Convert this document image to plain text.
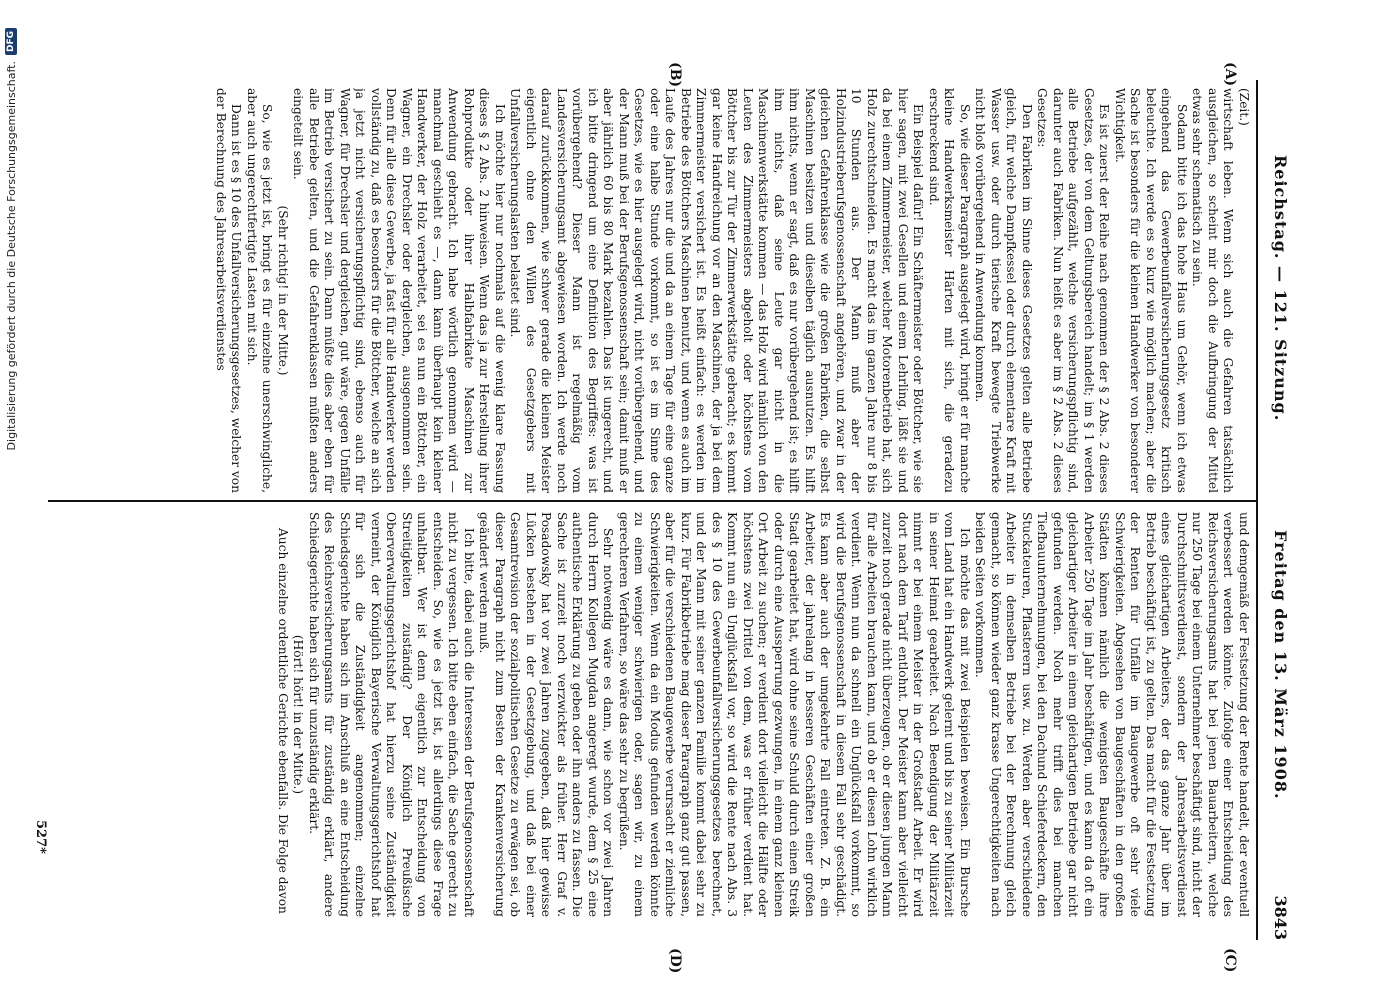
Reichstag. — 121. Sitzung.
Freitag den 13. März 1908.
3843
(A)
(B)
(C)
(D)

(Zeit.)

wirtschaft leben. Wenn sich auch die Gefahren tatsächlich ausgleichen, so scheint mir doch die Aufbringung der Mittel etwas sehr schematisch zu sein.

Sodann bitte ich das hohe Haus um Gehör, wenn ich etwas eingehend das Gewerbeunfallversicherungsgesetz kritisch beleuchte. Ich werde es so kurz wie möglich machen; aber die Sache ist besonders für die kleinen Handwerker von besonderer Wichtigkeit.

Es ist zuerst der Reihe nach genommen der § 2 Abs. 2 dieses Gesetzes, der von dem Geltungsbereich handelt; im § 1 werden alle Betriebe aufgezählt, welche versicherungspflichtig sind, darunter auch Fabriken. Nun heißt es aber im § 2 Abs. 2 dieses Gesetzes:

Den Fabriken im Sinne dieses Gesetzes gelten alle Betriebe gleich, für welche Dampfkessel oder durch elementare Kraft mit Wasser usw. oder durch tierische Kraft bewegte Triebwerke nicht bloß vorübergehend in Anwendung kommen.

So, wie dieser Paragraph ausgelegt wird, bringt er für manche kleine Handwerksmeister Härten mit sich, die geradezu erschreckend sind.

Ein Beispiel dafür! Ein Schäftermeister oder Böttcher, wie sie hier sagen, mit zwei Gesellen und einem Lehrling, läßt sie und da bei einem Zimmermeister, welcher Motorenbetrieb hat, sich Holz zurechtschneiden. Es macht das im ganzen Jahre nur 8 bis 10 Stunden aus. Der Mann muß aber der Holzindustrieberufsgenossenschaft angehören, und zwar in der gleichen Gefahrenklasse wie die großen Fabriken, die selbst Maschinen besitzen und dieselben täglich ausnutzen. Es hilft ihm nichts, wenn er sagt, daß es nur vorübergehend ist; es hilft ihm nichts, daß seine Leute gar nicht in die Maschinenwerkstätte kommen — das Holz wird nämlich von den Leuten des Zimmermeisters abgeholt oder höchstens vom Böttcher bis zur Tür der Zimmerwerkstätte gebracht; es kommt gar keine Handreichung vor an den Maschinen, der ja bei dem Zimmermeister versichert ist. Es heißt einfach: es werden im Betriebe des Böttchers Maschinen benutzt, und wenn es auch im Laufe des Jahres nur die und da an einem Tage für eine ganze oder eine halbe Stunde vorkommt, so ist es im Sinne des Gesetzes, wie es hier ausgelegt wird, nicht vorübergehend, und der Mann muß bei der Berufsgenossenschaft sein; damit muß er aber jährlich 60 bis 80 Mark bezahlen. Das ist ungerecht, und ich bitte dringend um eine Definition des Begriffes: was ist vorübergehend? Dieser Mann ist regelmäßig vom Landesversicherungsamt abgewiesen worden. Ich werde noch darauf zurückkommen, wie schwer gerade die kleinen Meister eigentlich ohne den Willen des Gesetzgebers mit Unfallversicherungslasten belastet sind.

Ich möchte hier nur nochmals auf die wenig klare Fassung dieses § 2 Abs. 2 hinweisen. Wenn das ja zur Herstellung ihrer Rohprodukte oder ihrer Halbfabrikate Maschinen zur Anwendung gebracht. Ich habe wörtlich genommen wird — manchmal geschieht es —, dann kann überhaupt kein kleiner Handwerker, der Holz verarbeitet, sei es nun ein Böttcher, ein Wagner, ein Drechsler oder dergleichen, ausgenommen sein. Denn für alle diese Gewerbe, ja fast für alle Handwerker werden vollständig zu, daß es besonders für die Böttcher, welche an sich ja jetzt nicht versicherungspflichtig sind, ebenso auch für Wagner, für Drechsler und dergleichen, gut wäre, gegen Unfälle im Betrieb versichert zu sein. Dann müßte dies aber eben für alle Betriebe gelten, und die Gefahrenklassen müßten anders eingeteilt sein.

(Sehr richtig! in der Mitte.)

So, wie es jetzt ist, bringt es für einzelne unerschwingliche, aber auch ungerechtfertigte Lasten mit sich.

Dann ist es § 10 des Unfallversicherungsgesetzes, welcher von der Berechnung des Jahresarbeitsverdienstes

und demgemäß der Festsetzung der Rente handelt, der eventuell verbessert werden könnte. Zufolge einer Entscheidung des Reichsversicherungsamts hat bei jenen Bauarbeitern, welche nur 250 Tage bei einem Unternehmer beschäftigt sind, nicht der Durchschnittsverdienst, sondern der Jahresarbeitsverdienst eines gleichartigen Arbeiters, der das ganze Jahr über im Betrieb beschäftigt ist, zu gelten. Das macht für die Festsetzung der Renten für Unfälle im Baugewerbe oft sehr viele Schwierigkeiten. Abgesehen von Baugeschäften in den großen Städten können nämlich die wenigsten Baugeschäfte ihre Arbeiter 250 Tage im Jahr beschäftigen, und es kann da oft ein gleichartiger Arbeiter in einem gleichartigen Betriebe gar nicht gefunden werden. Noch mehr trifft dies bei manchen Tiefbauunternehmungen, bei den Dachund Schieferdeckern, den Stuckateuren, Pflasterern usw. zu. Werden aber verschiedene Arbeiter in demselben Betriebe bei der Berechnung gleich gemacht, so können wieder ganz krasse Ungerechtigkeiten nach beiden Seiten vorkommen.

Ich möchte das mit zwei Beispielen beweisen. Ein Bursche vom Land hat ein Handwerk gelernt und bis zu seiner Militärzeit in seiner Heimat gearbeitet. Nach Beendigung der Militärzeit nimmt er bei einem Meister in der Großstadt Arbeit. Er wird dort nach dem Tarif entlohnt. Der Meister kann aber vielleicht zurzeit noch gerade nicht überzeugen, ob er diesen jungen Mann für alle Arbeiten brauchen kann, und ob er diesen Lohn wirklich verdient. Wenn nun da schnell ein Unglücksfall vorkommt, so wird die Berufsgenossenschaft in diesem Fall sehr geschädigt. Es kann aber auch der umgekehrte Fall eintreten. Z. B. ein Arbeiter, der jahrelang in besseren Geschäften einer großen Stadt gearbeitet hat, wird ohne seine Schuld durch einen Streik oder durch eine Aussperrung gezwungen, in einem ganz kleinen Ort Arbeit zu suchen; er verdient dort vielleicht die Hälfte oder höchstens zwei Drittel von dem, was er früher verdient hat. Kommt nun ein Unglücksfall vor, so wird die Rente nach Abs. 3 des § 10 des Gewerbeunfallversicherungsgesetzes berechnet, und der Mann mit seiner ganzen Familie kommt dabei sehr zu kurz. Für Fabrikbetriebe mag dieser Paragraph ganz gut passen, aber für die verschiedenen Baugewerbe verursacht er ziemliche Schwierigkeiten. Wenn da ein Modus gefunden werden könnte zu einem weniger schwierigen oder, sagen wir, zu einem gerechteren Verfahren, so wäre das sehr zu begrüßen.

Sehr notwendig wäre es dann, wie schon vor zwei Jahren durch Herrn Kollegen Mugdan angeregt wurde, dem § 25 eine authentische Erklärung zu geben oder ihn anders zu fassen. Die Sache ist zurzeit noch verzwickter als früher. Herr Graf v. Posadowsky hat vor zwei Jahren zugegeben, daß hier gewisse Lücken bestehen in der Gesetzgebung, und daß bei einer Gesamtrevision der sozialpolitischen Gesetze zu erwägen sei, ob dieser Paragraph nicht zum Besten der Krankenversicherung geändert werden muß.

Ich bitte, dabei auch die Interessen der Berufsgenossenschaft nicht zu vergessen. Ich bitte eben einfach, die Sache gerecht zu entscheiden. So, wie es jetzt ist, ist allerdings diese Frage unhaltbar. Wer ist denn eigentlich zur Entscheidung von Streitigkeiten zuständig? Der Königlich Preußische Oberverwaltungsgerichtshof hat hierzu seine Zuständigkeit verneint, der Königlich Bayerische Verwaltungsgerichtshof hat für sich die Zuständigkeit angenommen; einzelne Schiedsgerichte haben sich im Anschluß an eine Entscheidung des Reichsversicherungsamts für zuständig erklärt, andere Schiedsgerichte haben sich für unzuständig erklärt.

(Hört! hört! in der Mitte.)

Auch einzelne ordentliche Gerichte ebenfalls. Die Folge davon

527*
Digitalisierung gefördert durch die Deutsche Forschungsgemeinschaft.
DFG
